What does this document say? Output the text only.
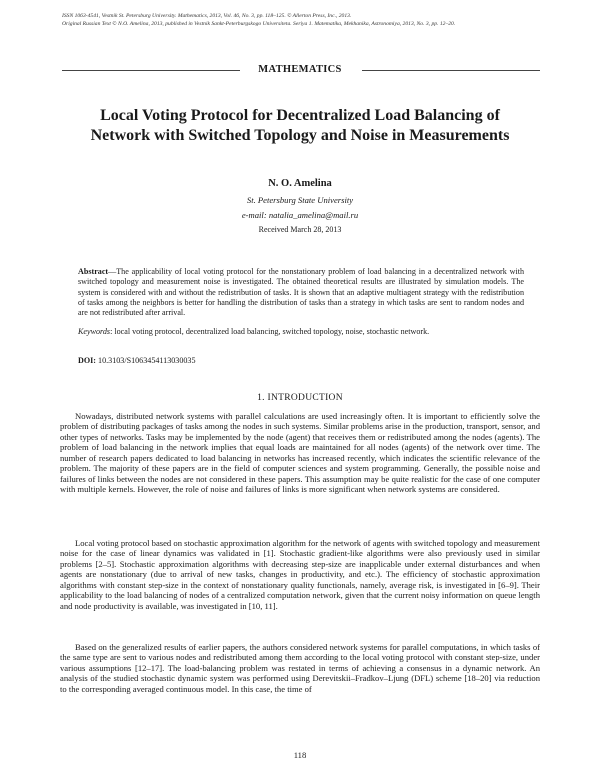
ISSN 1063-4541, Vestnik St. Petersburg University. Mathematics, 2013, Vol. 46, No. 3, pp. 118–125. © Allerton Press, Inc., 2013.
Original Russian Text © N.O. Amelina, 2013, published in Vestnik Sankt-Peterburgskogo Universiteta. Seriya 1. Matematika, Mekhanika, Astronomiya, 2013, No. 3, pp. 12–20.
MATHEMATICS
Local Voting Protocol for Decentralized Load Balancing of Network with Switched Topology and Noise in Measurements
N. O. Amelina
St. Petersburg State University
e-mail: natalia_amelina@mail.ru
Received March 28, 2013
Abstract—The applicability of local voting protocol for the nonstationary problem of load balancing in a decentralized network with switched topology and measurement noise is investigated. The obtained theoretical results are illustrated by simulation models. The system is considered with and without the redistribution of tasks. It is shown that an adaptive multiagent strategy with the redistribution of tasks among the neighbors is better for handling the distribution of tasks than a strategy in which tasks are sent to random nodes and are not redistributed after arrival.
Keywords: local voting protocol, decentralized load balancing, switched topology, noise, stochastic network.
DOI: 10.3103/S1063454113030035
1. INTRODUCTION
Nowadays, distributed network systems with parallel calculations are used increasingly often. It is important to efficiently solve the problem of distributing packages of tasks among the nodes in such systems. Similar problems arise in the production, transport, sensor, and other types of networks. Tasks may be implemented by the node (agent) that receives them or redistributed among the nodes (agents). The problem of load balancing in the network implies that equal loads are maintained for all nodes (agents) of the network over time. The number of research papers dedicated to load balancing in networks has increased recently, which indicates the scientific relevance of the problem. The majority of these papers are in the field of computer sciences and system programming. Generally, the possible noise and failures of links between the nodes are not considered in these papers. This assumption may be quite realistic for the case of one computer with multiple kernels. However, the role of noise and failures of links is more significant when network systems are considered.
Local voting protocol based on stochastic approximation algorithm for the network of agents with switched topology and measurement noise for the case of linear dynamics was validated in [1]. Stochastic gradient-like algorithms were also previously used in similar problems [2–5]. Stochastic approximation algorithms with decreasing step-size are inapplicable under external disturbances and when agents are nonstationary (due to arrival of new tasks, changes in productivity, and etc.). The efficiency of stochastic approximation algorithms with constant step-size in the context of nonstationary quality functionals, namely, average risk, is investigated in [6–9]. Their applicability to the load balancing of nodes of a centralized computation network, given that the current noisy information on queue length and node productivity is available, was investigated in [10, 11].
Based on the generalized results of earlier papers, the authors considered network systems for parallel computations, in which tasks of the same type are sent to various nodes and redistributed among them according to the local voting protocol with constant step-size, under various assumptions [12–17]. The load-balancing problem was restated in terms of achieving a consensus in a dynamic network. An analysis of the studied stochastic dynamic system was performed using Derevitskii–Fradkov–Ljung (DFL) scheme [18–20] via reduction to the corresponding averaged continuous model. In this case, the time of
118
